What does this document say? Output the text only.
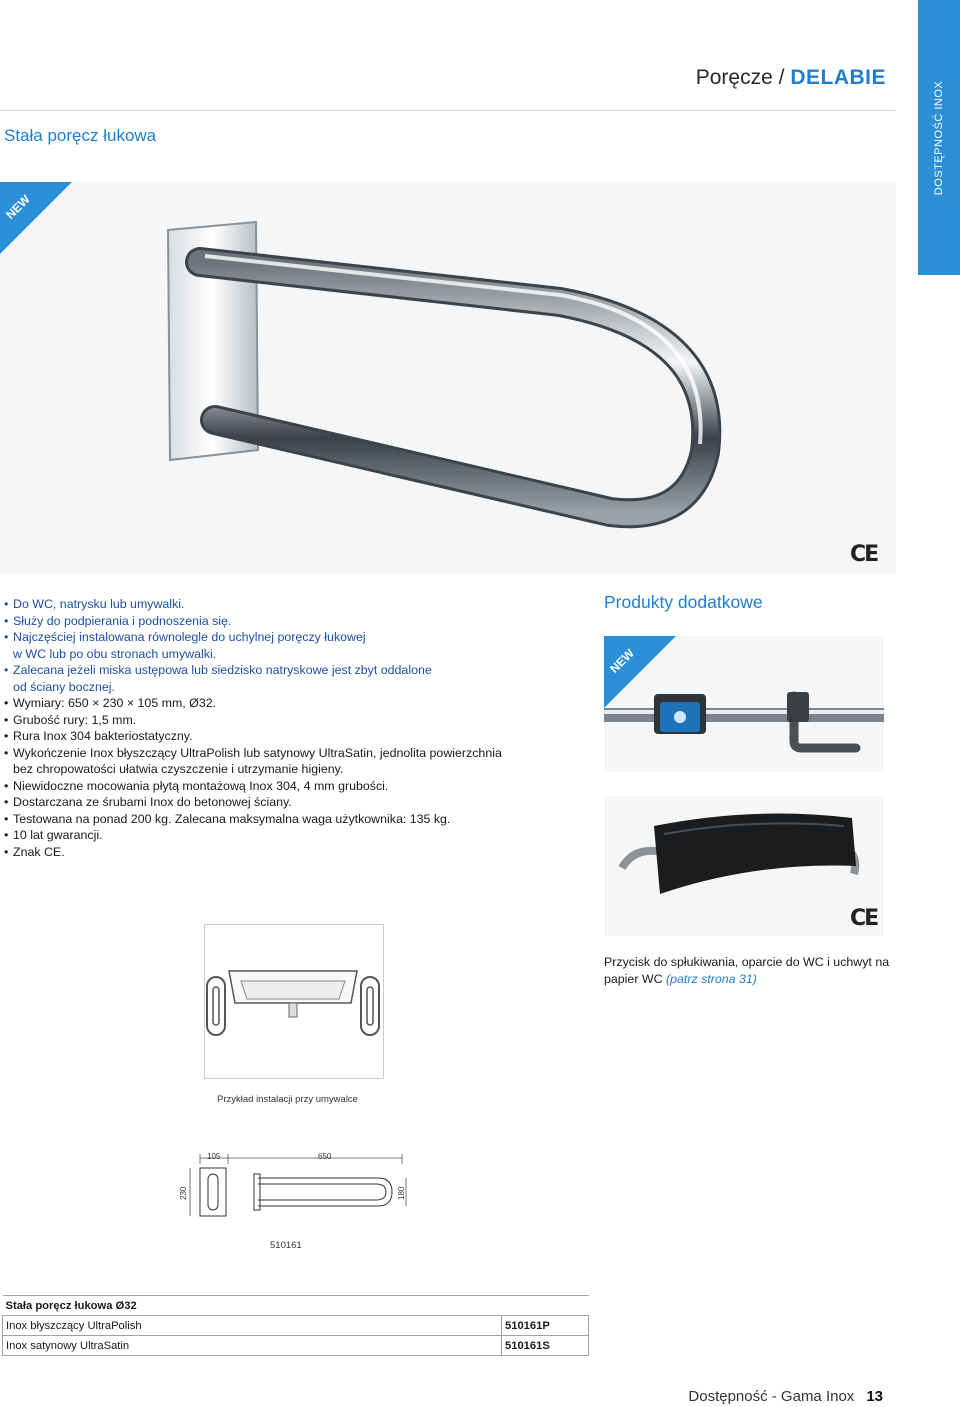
DOSTĘPNOŚĆ INOX
Poręcze / DELABIE
Stała poręcz łukowa
NEW
CE
• Do WC, natrysku lub umywalki.
• Służy do podpierania i podnoszenia się.
• Najczęściej instalowana równolegle do uchylnej poręczy łukowej
w WC lub po obu stronach umywalki.
• Zalecana jeżeli miska ustępowa lub siedzisko natryskowe jest zbyt oddalone
od ściany bocznej.
• Wymiary: 650 × 230 × 105 mm, Ø32.
• Grubość rury: 1,5 mm.
• Rura Inox 304 bakteriostatyczny.
• Wykończenie Inox błyszczący UltraPolish lub satynowy UltraSatin, jednolita powierzchnia
bez chropowatości ułatwia czyszczenie i utrzymanie higieny.
• Niewidoczne mocowania płytą montażową Inox 304, 4 mm grubości.
• Dostarczana ze śrubami Inox do betonowej ściany.
• Testowana na ponad 200 kg. Zalecana maksymalna waga użytkownika: 135 kg.
• 10 lat gwarancji.
• Znak CE.
Produkty dodatkowe
NEW
CE
Przycisk do spłukiwania, oparcie do WC i uchwyt na papier WC (patrz strona 31)
Przykład instalacji przy umywalce
105	650
230	180
510161
Stała poręcz łukowa Ø32	
Inox błyszczący UltraPolish	510161P
Inox satynowy UltraSatin	510161S
Dostępność - Gama Inox 13
